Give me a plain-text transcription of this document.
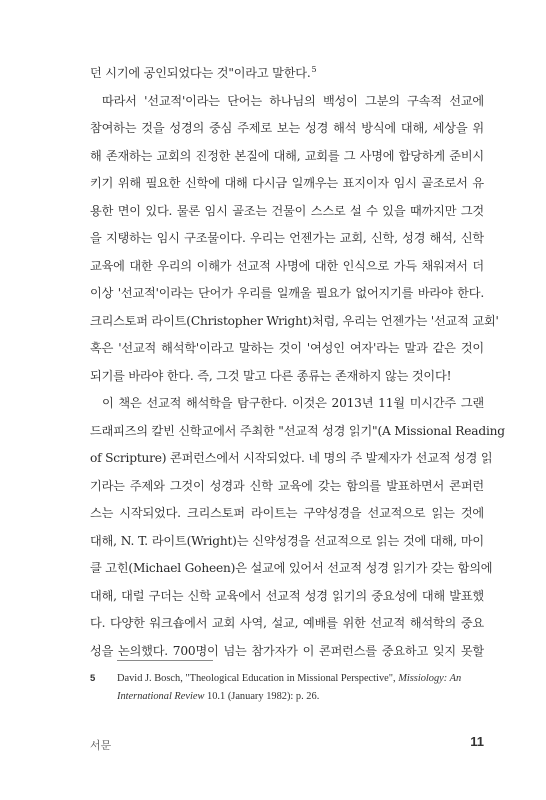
던 시기에 공인되었다는 것"이라고 말한다.$^5$
따라서 '선교적'이라는 단어는 하나님의 백성이 그분의 구속적 선교에
참여하는 것을 성경의 중심 주제로 보는 성경 해석 방식에 대해, 세상을 위
해 존재하는 교회의 진정한 본질에 대해, 교회를 그 사명에 합당하게 준비시
키기 위해 필요한 신학에 대해 다시금 일깨우는 표지이자 임시 골조로서 유
용한 면이 있다. 물론 임시 골조는 건물이 스스로 설 수 있을 때까지만 그것
을 지탱하는 임시 구조물이다. 우리는 언젠가는 교회, 신학, 성경 해석, 신학
교육에 대한 우리의 이해가 선교적 사명에 대한 인식으로 가득 채워져서 더
이상 '선교적'이라는 단어가 우리를 일깨울 필요가 없어지기를 바라야 한다.
크리스토퍼 라이트(Christopher Wright)처럼, 우리는 언젠가는 '선교적 교회'
혹은 '선교적 해석학'이라고 말하는 것이 '여성인 여자'라는 말과 같은 것이
되기를 바라야 한다. 즉, 그것 말고 다른 종류는 존재하지 않는 것이다!
이 책은 선교적 해석학을 탐구한다. 이것은 2013년 11월 미시간주 그랜
드래피즈의 칼빈 신학교에서 주최한 "선교적 성경 읽기"(A Missional Reading
of Scripture) 콘퍼런스에서 시작되었다. 네 명의 주 발제자가 선교적 성경 읽
기라는 주제와 그것이 성경과 신학 교육에 갖는 함의를 발표하면서 콘퍼런
스는 시작되었다. 크리스토퍼 라이트는 구약성경을 선교적으로 읽는 것에
대해, N. T. 라이트(Wright)는 신약성경을 선교적으로 읽는 것에 대해, 마이
클 고힌(Michael Goheen)은 설교에 있어서 선교적 성경 읽기가 갖는 함의에
대해, 대럴 구더는 신학 교육에서 선교적 성경 읽기의 중요성에 대해 발표했
다. 다양한 워크숍에서 교회 사역, 설교, 예배를 위한 선교적 해석학의 중요
성을 논의했다. 700명이 넘는 참가자가 이 콘퍼런스를 중요하고 잊지 못할
5 David J. Bosch, "Theological Education in Missional Perspective", Missiology: An International Review 10.1 (January 1982): p. 26.
서문	11
